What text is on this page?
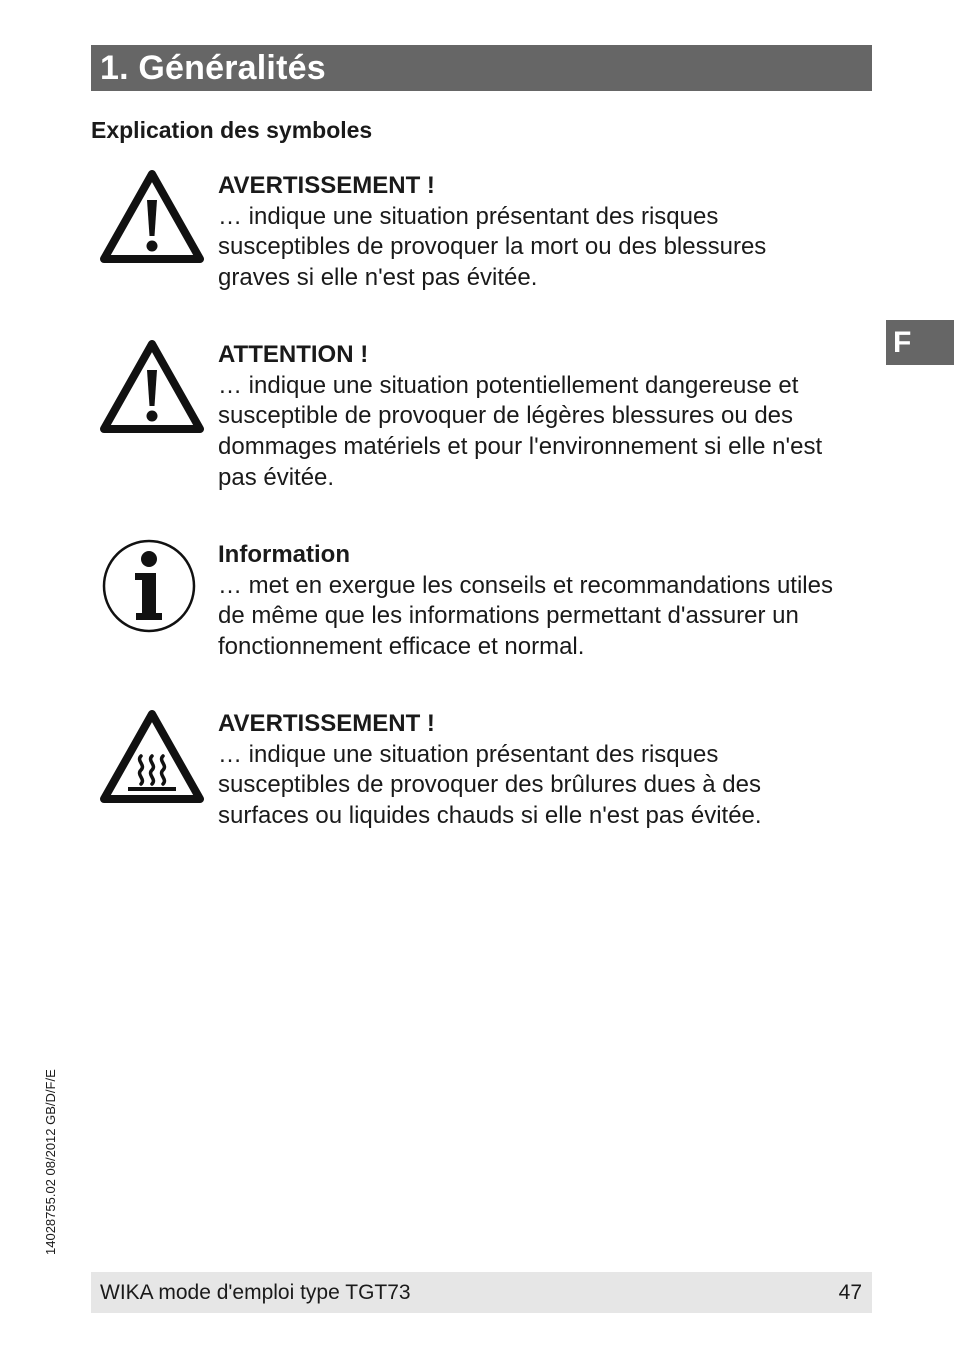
1. Généralités
Explication des symboles
F
AVERTISSEMENT !
… indique une situation présentant des risques
susceptibles de provoquer la mort ou des blessures
graves si elle n'est pas évitée.
ATTENTION !
… indique une situation potentiellement dangereuse et
susceptible de provoquer de légères blessures ou des
dommages matériels et pour l'environnement si elle n'est
pas évitée.
Information
… met en exergue les conseils et recommandations utiles
de même que les informations permettant d'assurer un
fonctionnement efficace et normal.
AVERTISSEMENT !
… indique une situation présentant des risques
susceptibles de provoquer des brûlures dues à des
surfaces ou liquides chauds si elle n'est pas évitée.
14028755.02 08/2012 GB/D/F/E
WIKA mode d'emploi type TGT73	47
